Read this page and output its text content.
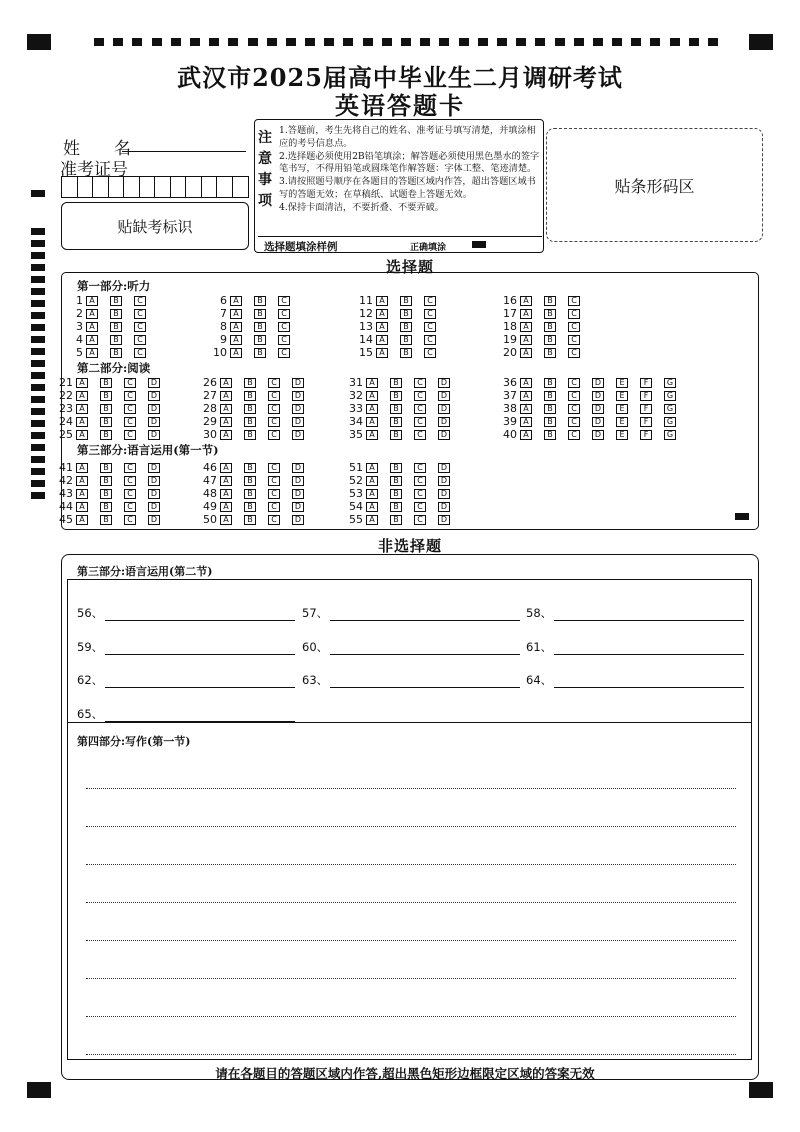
武汉市2025届高中毕业生二月调研考试
英语答题卡
姓　　名
准考证号
贴缺考标识
注
意
事
项

1.答题前，考生先将自己的姓名、准考证号填写清楚，并填涂相应的考号信息点。

2.选择题必须使用2B铅笔填涂；解答题必须使用黑色墨水的签字笔书写，不得用铅笔或圆珠笔作解答题：字体工整、笔迹清楚。

3.请按照题号顺序在各题目的答题区域内作答，超出答题区域书写的答题无效；在草稿纸、试题卷上答题无效。

4.保持卡面清洁，不要折叠、不要弄破。

选择题填涂样例	正确填涂
贴条形码区
选择题
第一部分:听力
第二部分:阅读
第三部分:语言运用(第一节)
1 A	B	C
2 A	B	C
3 A	B	C
4 A	B	C
5 A	B	C
6 A	B	C
7 A	B	C
8 A	B	C
9 A	B	C
10 A	B	C
11 A	B	C
12 A	B	C
13 A	B	C
14 A	B	C
15 A	B	C
16 A	B	C
17 A	B	C
18 A	B	C
19 A	B	C
20 A	B	C
21 A	B	C	D
22 A	B	C	D
23 A	B	C	D
24 A	B	C	D
25 A	B	C	D
26 A	B	C	D
27 A	B	C	D
28 A	B	C	D
29 A	B	C	D
30 A	B	C	D
31 A	B	C	D
32 A	B	C	D
33 A	B	C	D
34 A	B	C	D
35 A	B	C	D
36 A	B	C	D	E	F	G
37 A	B	C	D	E	F	G
38 A	B	C	D	E	F	G
39 A	B	C	D	E	F	G
40 A	B	C	D	E	F	G
41 A	B	C	D
42 A	B	C	D
43 A	B	C	D
44 A	B	C	D
45 A	B	C	D
46 A	B	C	D
47 A	B	C	D
48 A	B	C	D
49 A	B	C	D
50 A	B	C	D
51 A	B	C	D
52 A	B	C	D
53 A	B	C	D
54 A	B	C	D
55 A	B	C	D
非选择题
第三部分:语言运用(第二节)
56、	57、	58、
59、	60、	61、
62、	63、	64、
65、
第四部分:写作(第一节)
请在各题目的答题区域内作答,超出黑色矩形边框限定区域的答案无效
